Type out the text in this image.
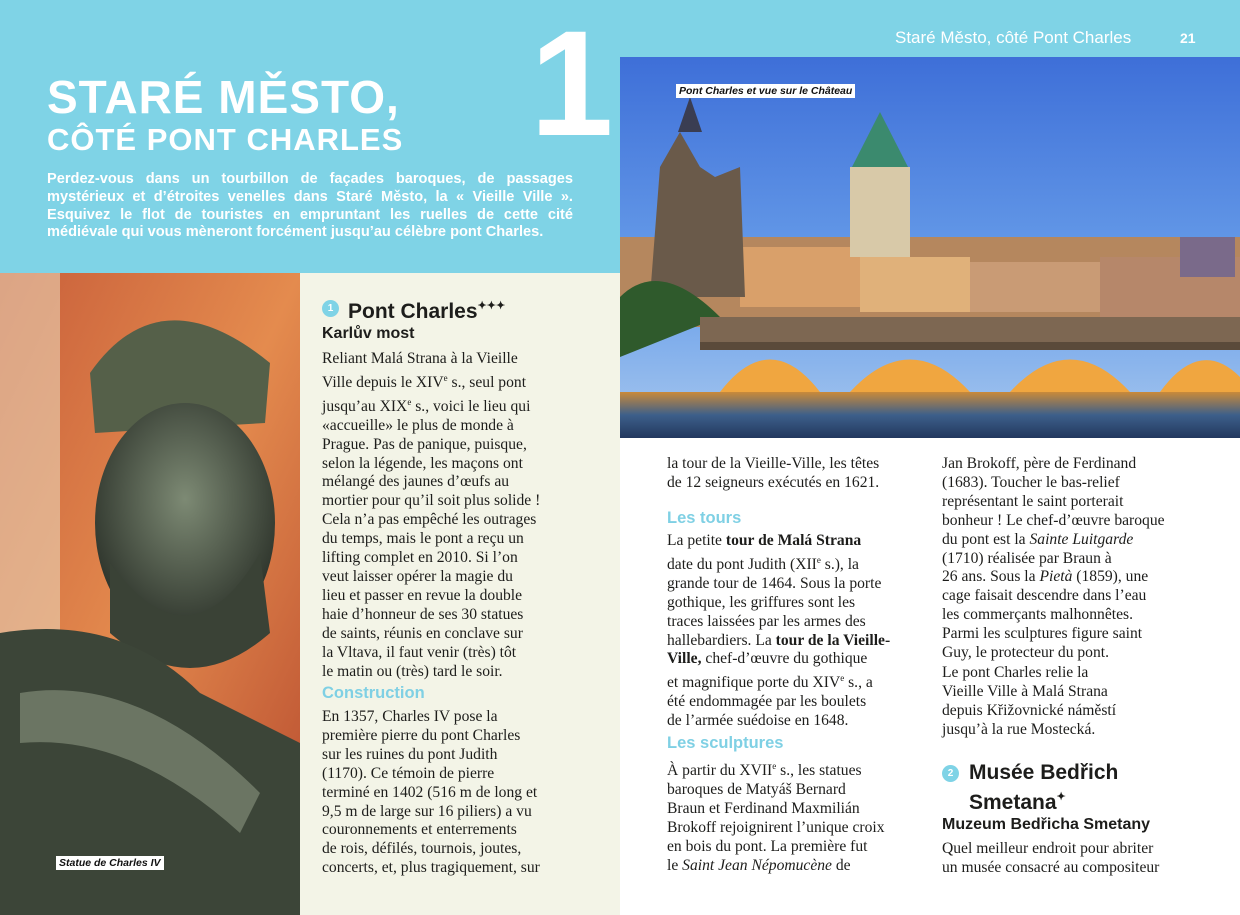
Staré Město, côté Pont Charles	21
1
STARÉ MĚSTO,
CÔTÉ PONT CHARLES
Perdez-vous dans un tourbillon de façades baroques, de passages mystérieux et d’étroites venelles dans Staré Město, la « Vieille Ville ». Esquivez le flot de touristes en empruntant les ruelles de cette cité médiévale qui vous mèneront forcément jusqu’au célèbre pont Charles.
Pont Charles et vue sur le Château
Statue de Charles IV
1 Pont Charles✦✦✦
Karlův most
Reliant Malá Strana à la Vieille
Ville depuis le XIVe s., seul pont
jusqu’au XIXe s., voici le lieu qui
«accueille» le plus de monde à
Prague. Pas de panique, puisque,
selon la légende, les maçons ont
mélangé des jaunes d’œufs au
mortier pour qu’il soit plus solide !
Cela n’a pas empêché les outrages
du temps, mais le pont a reçu un
lifting complet en 2010. Si l’on
veut laisser opérer la magie du
lieu et passer en revue la double
haie d’honneur de ses 30 statues
de saints, réunis en conclave sur
la Vltava, il faut venir (très) tôt
le matin ou (très) tard le soir.
Construction
En 1357, Charles IV pose la
première pierre du pont Charles
sur les ruines du pont Judith
(1170). Ce témoin de pierre
terminé en 1402 (516 m de long et
9,5 m de large sur 16 piliers) a vu
couronnements et enterrements
de rois, défilés, tournois, joutes,
concerts, et, plus tragiquement, sur
la tour de la Vieille-Ville, les têtes
de 12 seigneurs exécutés en 1621.
Les tours
La petite tour de Malá Strana
date du pont Judith (XIIe s.), la
grande tour de 1464. Sous la porte
gothique, les griffures sont les
traces laissées par les armes des
hallebardiers. La tour de la Vieille-
Ville, chef-d’œuvre du gothique
et magnifique porte du XIVe s., a
été endommagée par les boulets
de l’armée suédoise en 1648.
Les sculptures
À partir du XVIIe s., les statues
baroques de Matyáš Bernard
Braun et Ferdinand Maxmilián
Brokoff rejoignirent l’unique croix
en bois du pont. La première fut
le Saint Jean Népomucène de
Jan Brokoff, père de Ferdinand
(1683). Toucher le bas-relief
représentant le saint porterait
bonheur ! Le chef-d’œuvre baroque
du pont est la Sainte Luitgarde
(1710) réalisée par Braun à
26 ans. Sous la Pietà (1859), une
cage faisait descendre dans l’eau
les commerçants malhonnêtes.
Parmi les sculptures figure saint
Guy, le protecteur du pont.
Le pont Charles relie la
Vieille Ville à Malá Strana
depuis Křižovnické náměstí
jusqu’à la rue Mostecká.
2 Musée Bedřich
Smetana✦
Muzeum Bedřicha Smetany
Quel meilleur endroit pour abriter
un musée consacré au compositeur
